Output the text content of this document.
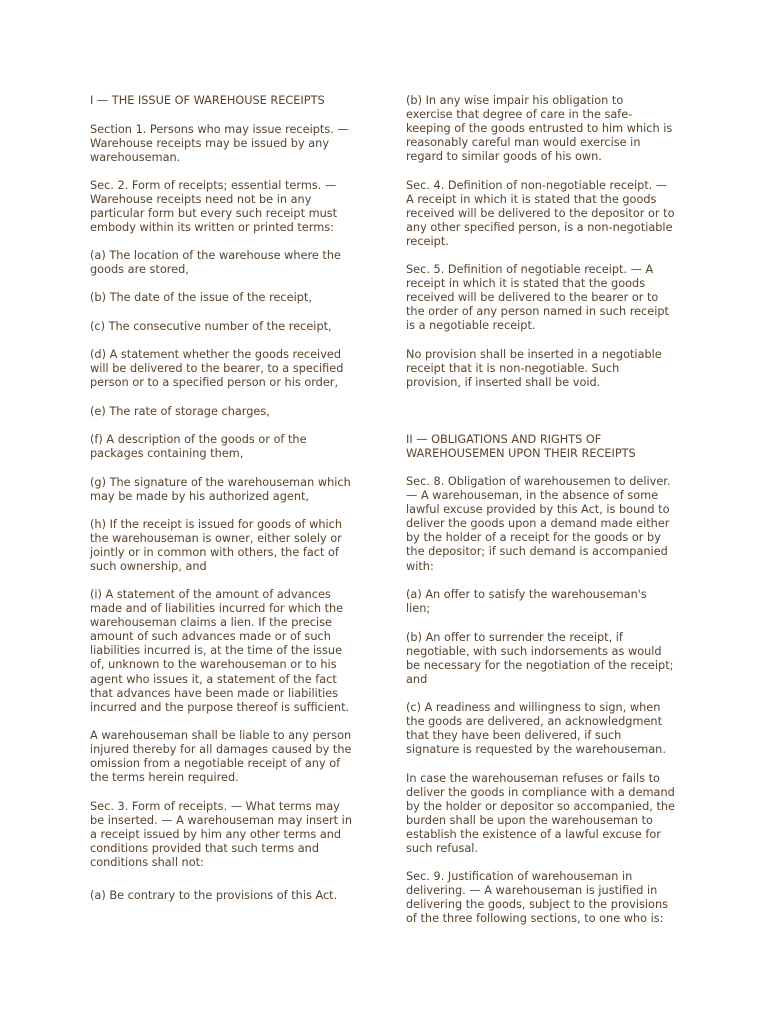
I — THE ISSUE OF WAREHOUSE RECEIPTS

Section 1. Persons who may issue receipts. —
Warehouse receipts may be issued by any
warehouseman.

Sec. 2. Form of receipts; essential terms. —
Warehouse receipts need not be in any
particular form but every such receipt must
embody within its written or printed terms:

(a) The location of the warehouse where the
goods are stored,

(b) The date of the issue of the receipt,

(c) The consecutive number of the receipt,

(d) A statement whether the goods received
will be delivered to the bearer, to a specified
person or to a specified person or his order,

(e) The rate of storage charges,

(f) A description of the goods or of the
packages containing them,

(g) The signature of the warehouseman which
may be made by his authorized agent,

(h) If the receipt is issued for goods of which
the warehouseman is owner, either solely or
jointly or in common with others, the fact of
such ownership, and

(i) A statement of the amount of advances
made and of liabilities incurred for which the
warehouseman claims a lien. If the precise
amount of such advances made or of such
liabilities incurred is, at the time of the issue
of, unknown to the warehouseman or to his
agent who issues it, a statement of the fact
that advances have been made or liabilities
incurred and the purpose thereof is sufficient.

A warehouseman shall be liable to any person
injured thereby for all damages caused by the
omission from a negotiable receipt of any of
the terms herein required.

Sec. 3. Form of receipts. — What terms may
be inserted. — A warehouseman may insert in
a receipt issued by him any other terms and
conditions provided that such terms and
conditions shall not:

(a) Be contrary to the provisions of this Act.

(b) In any wise impair his obligation to
exercise that degree of care in the safe-
keeping of the goods entrusted to him which is
reasonably careful man would exercise in
regard to similar goods of his own.

Sec. 4. Definition of non-negotiable receipt. —
A receipt in which it is stated that the goods
received will be delivered to the depositor or to
any other specified person, is a non-negotiable
receipt.

Sec. 5. Definition of negotiable receipt. — A
receipt in which it is stated that the goods
received will be delivered to the bearer or to
the order of any person named in such receipt
is a negotiable receipt.

No provision shall be inserted in a negotiable
receipt that it is non-negotiable. Such
provision, if inserted shall be void.

II — OBLIGATIONS AND RIGHTS OF
WAREHOUSEMEN UPON THEIR RECEIPTS

Sec. 8. Obligation of warehousemen to deliver.
— A warehouseman, in the absence of some
lawful excuse provided by this Act, is bound to
deliver the goods upon a demand made either
by the holder of a receipt for the goods or by
the depositor; if such demand is accompanied
with:

(a) An offer to satisfy the warehouseman's
lien;

(b) An offer to surrender the receipt, if
negotiable, with such indorsements as would
be necessary for the negotiation of the receipt;
and

(c) A readiness and willingness to sign, when
the goods are delivered, an acknowledgment
that they have been delivered, if such
signature is requested by the warehouseman.

In case the warehouseman refuses or fails to
deliver the goods in compliance with a demand
by the holder or depositor so accompanied, the
burden shall be upon the warehouseman to
establish the existence of a lawful excuse for
such refusal.

Sec. 9. Justification of warehouseman in
delivering. — A warehouseman is justified in
delivering the goods, subject to the provisions
of the three following sections, to one who is:
